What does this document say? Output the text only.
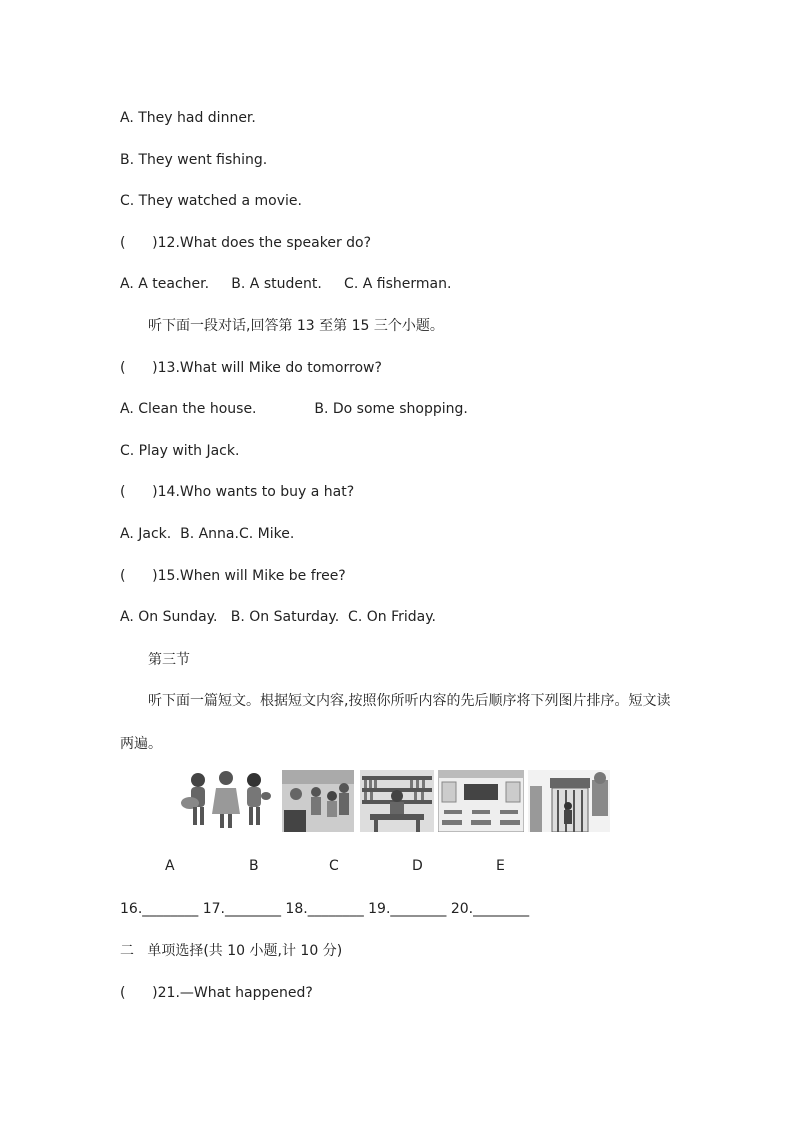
A. They had dinner.
B. They went fishing.
C. They watched a movie.
(      )12.What does the speaker do?
A. A teacher.     B. A student.     C. A fisherman.
听下面一段对话,回答第 13 至第 15 三个小题。
(      )13.What will Mike do tomorrow?
A. Clean the house.             B. Do some shopping.
C. Play with Jack.
(      )14.Who wants to buy a hat?
A. Jack.  B. Anna.C. Mike.
(      )15.When will Mike be free?
A. On Sunday.   B. On Saturday.  C. On Friday.
第三节
听下面一篇短文。根据短文内容,按照你所听内容的先后顺序将下列图片排序。短文读
两遍。
A	B	C	D	E
16.________ 17.________ 18.________ 19.________ 20.________
二   单项选择(共 10 小题,计 10 分)
(      )21.—What happened?
